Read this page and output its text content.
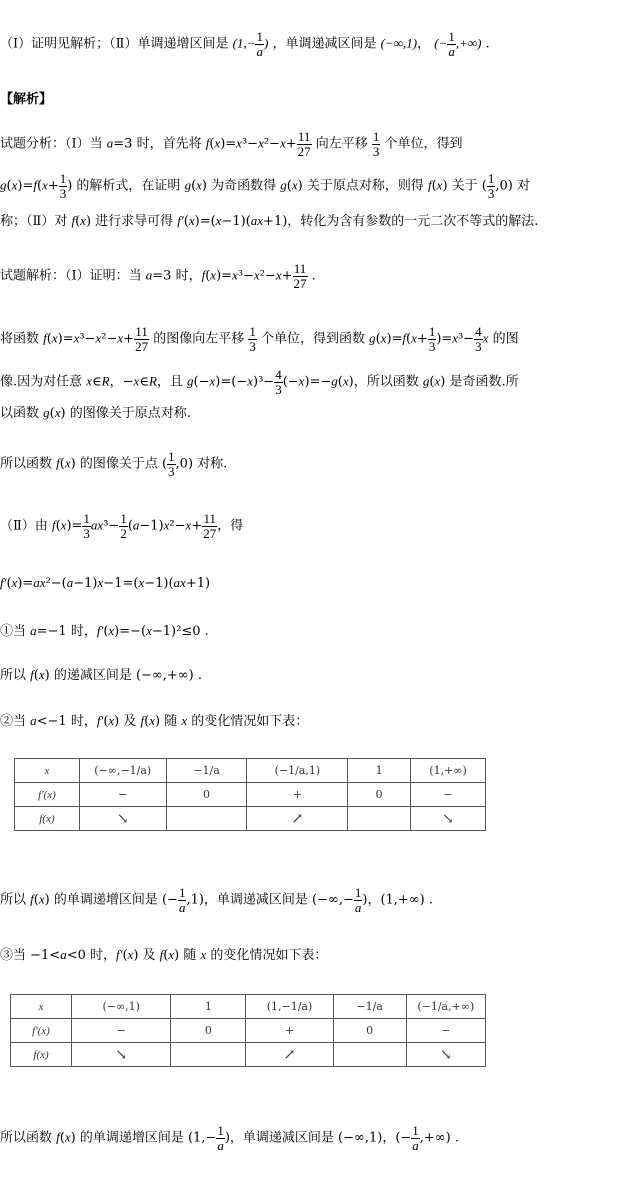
（Ⅰ）证明见解析；（Ⅱ）单调递增区间是 ($1,- \frac{1}{a}$ ) ，单调递减区间是 (−∞,1)， (− $\frac{1}{a}$ ,+∞) .
【解析】
试题分析：（Ⅰ）当 a=3 时，首先将 $f(x)=x^3-x^2-x+ \frac{11}{27}$ 向左平移 $\frac{1}{3}$ 个单位，得到
$g(x)=f(x+ \frac{1}{3}$ ) 的解析式，在证明 g(x) 为奇函数得 g(x) 关于原点对称，则得 f(x) 关于 ( $\frac{1}{3} ,0$) 对
称；（Ⅱ）对 f(x) 进行求导可得 f′(x)=(x−1)(ax+1)，转化为含有参数的一元二次不等式的解法.
试题解析：（Ⅰ）证明：当 a=3 时，$f(x)=x^3-x^2-x+ \frac{11}{27}$ .
将函数 $f(x)=x^3-x^2-x+ \frac{11}{27}$ 的图像向左平移 $\frac{1}{3}$ 个单位，得到函数 $g(x)=f(x+ \frac{1}{3} )=x^3- \frac{4}{3}$ x 的图
像.因为对任意 x∈R，−x∈R，且 $g(-x)=(-x)^3- \frac{4}{3} (-x)=-g(x)$，所以函数 g(x) 是奇函数.所
以函数 g(x) 的图像关于原点对称.
所以函数 f(x) 的图像关于点 ( $\frac{1}{3} ,0$) 对称.
（Ⅱ）由 $f(x)= \frac{1}{3} ax^3- \frac{1}{2} (a-1)x^2-x+ \frac{11}{27}$ ，得
f′(x)=ax²−(a−1)x−1=(x−1)(ax+1)
①当 a=−1 时，f′(x)=−(x−1)²≤0 .
所以 f(x) 的递减区间是 (−∞,+∞) .
②当 a<−1 时，f′(x) 及 f(x) 随 x 的变化情况如下表：
x	(−∞,−1/a)	−1/a	(−1/a,1)	1	(1,+∞)
f′(x)	−	0	+	0	−
f(x)	↘		↗		↘
所以 f(x) 的单调递增区间是 (− $\frac{1}{a} ,1$)，单调递减区间是 (−∞,− $\frac{1}{a}$ )，(1,+∞) .
③当 −1<a<0 时，f′(x) 及 f(x) 随 x 的变化情况如下表：
x	(−∞,1)	1	(1,−1/a)	−1/a	(−1/a,+∞)
f′(x)	−	0	+	0	−
f(x)	↘		↗		↘
所以函数 f(x) 的单调递增区间是 ($1,- \frac{1}{a}$ )，单调递减区间是 (−∞,1)，(− $\frac{1}{a}$ ,+∞) .
